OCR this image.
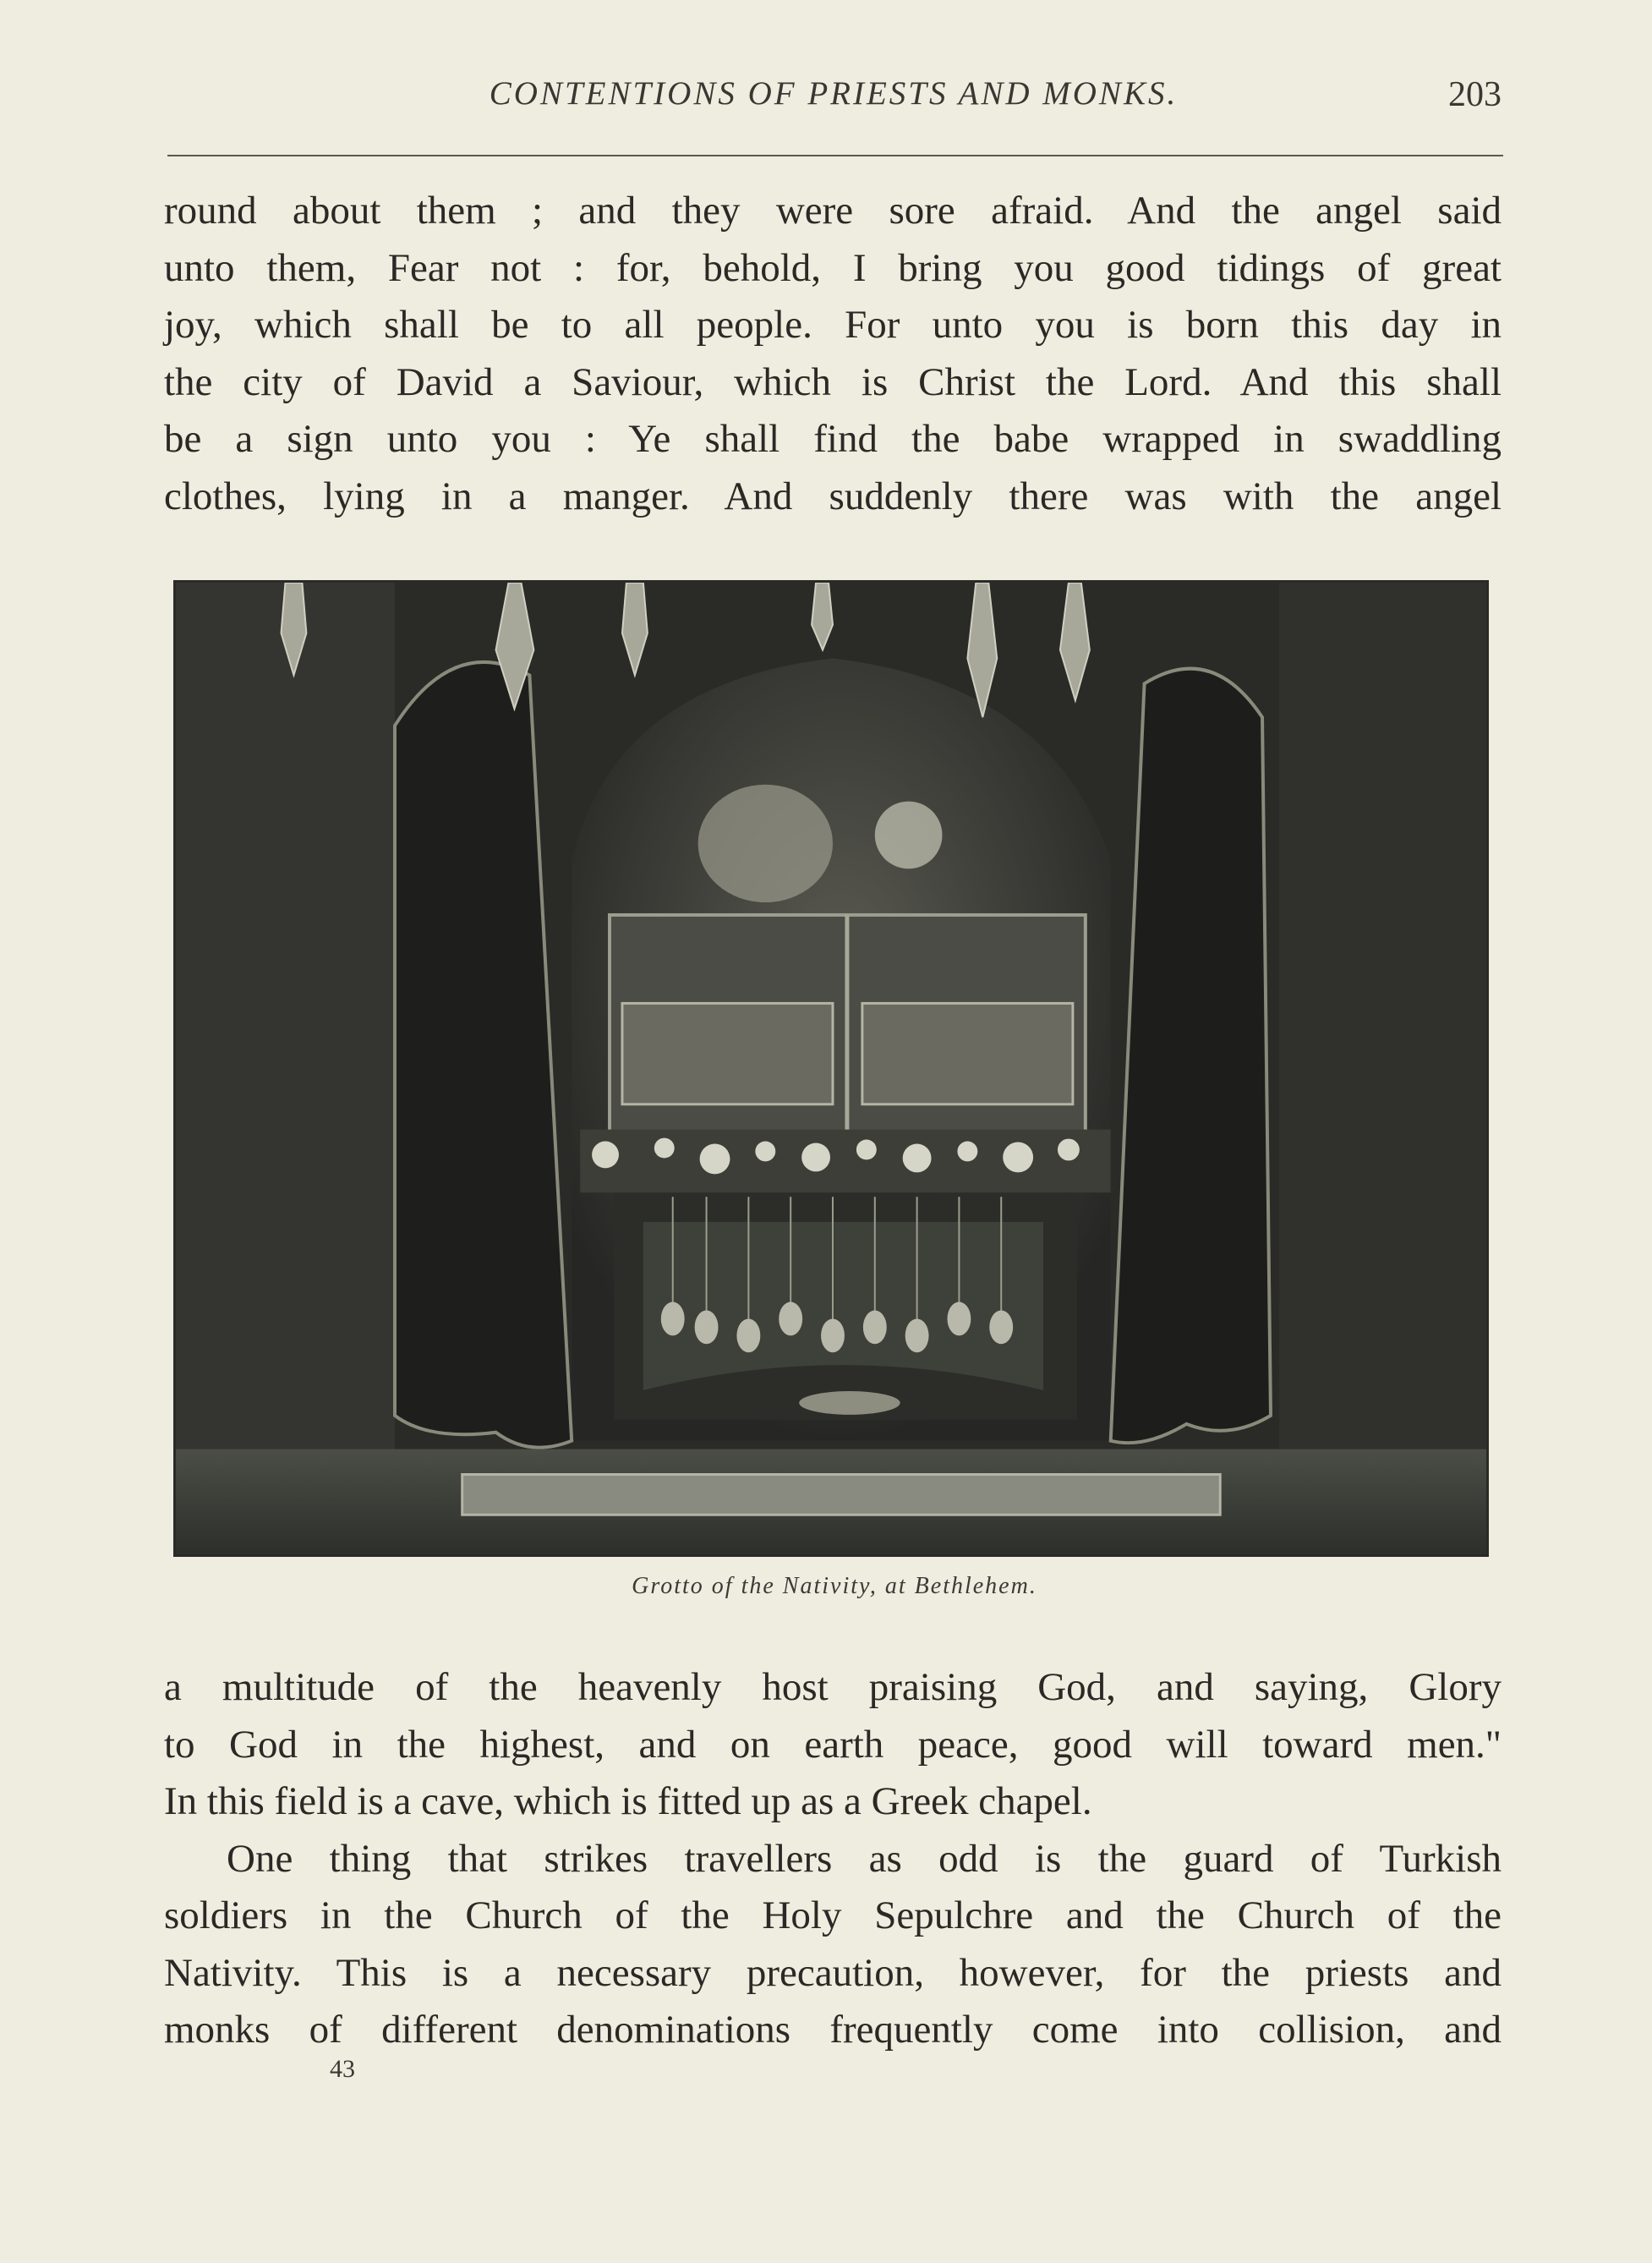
CONTENTIONS OF PRIESTS AND MONKS.	203
round about them ; and they were sore afraid. And the angel said
unto them, Fear not : for, behold, I bring you good tidings of great
joy, which shall be to all people. For unto you is born this day in
the city of David a Saviour, which is Christ the Lord. And this shall
be a sign unto you : Ye shall find the babe wrapped in swaddling
clothes, lying in a manger. And suddenly there was with the angel
Grotto of the Nativity, at Bethlehem.
a multitude of the heavenly host praising God, and saying, Glory
to God in the highest, and on earth peace, good will toward men."
In this field is a cave, which is fitted up as a Greek chapel.
One thing that strikes travellers as odd is the guard of Turkish
soldiers in the Church of the Holy Sepulchre and the Church of the
Nativity. This is a necessary precaution, however, for the priests and
monks of different denominations frequently come into collision, and
43
